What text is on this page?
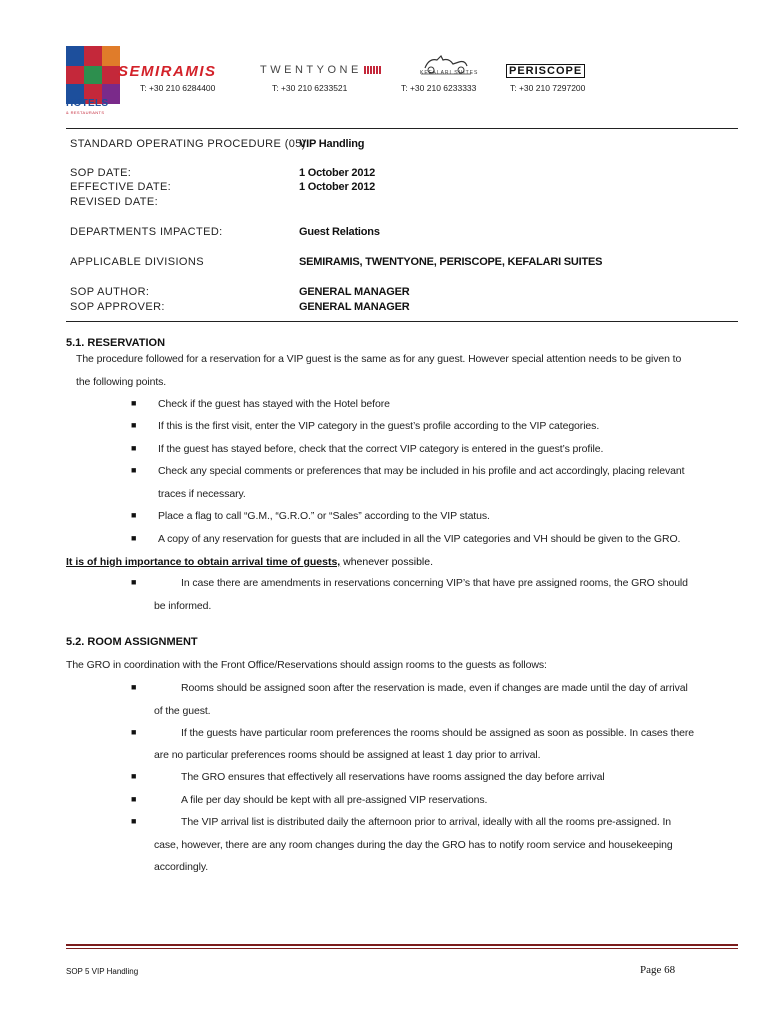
HOTELS
& RESTAURANTS
SEMIRAMIS	TWENTYONE	KEFALARI SUITES	PERISCOPE
T: +30 210 6284400	T: +30 210 6233521	T: +30 210 6233333	T: +30 210 7297200
STANDARD OPERATING PROCEDURE (05):
VIP Handling
SOP DATE:	1 October 2012
EFFECTIVE DATE:	1 October 2012
REVISED DATE:
DEPARTMENTS IMPACTED:	Guest Relations
APPLICABLE DIVISIONS	SEMIRAMIS, TWENTYONE, PERISCOPE, KEFALARI SUITES
SOP AUTHOR:	GENERAL MANAGER
SOP APPROVER:	GENERAL MANAGER
5.1. RESERVATION
The procedure followed for a reservation for a VIP guest is the same as for any guest. However special attention needs to be given to
the following points.
■ Check if the guest has stayed with the Hotel before
■ If this is the first visit, enter the VIP category in the guest’s profile according to the VIP categories.
■ If the guest has stayed before, check that the correct VIP category is entered in the guest’s profile.
■ Check any special comments or preferences that may be included in his profile and act accordingly, placing relevant
traces if necessary.
■ Place a flag to call “G.M., “G.R.O.” or “Sales” according to the VIP status.
■ A copy of any reservation for guests that are included in all the VIP categories and VH should be given to the GRO.
It is of high importance to obtain arrival time of guests, whenever possible.
■	In case there are amendments in reservations concerning VIP’s that have pre assigned rooms, the GRO should
be informed.
5.2. ROOM ASSIGNMENT
The GRO in coordination with the Front Office/Reservations should assign rooms to the guests as follows:
■	Rooms should be assigned soon after the reservation is made, even if changes are made until the day of arrival
of the guest.
■	If the guests have particular room preferences the rooms should be assigned as soon as possible. In cases there
are no particular preferences rooms should be assigned at least 1 day prior to arrival.
■	The GRO ensures that effectively all reservations have rooms assigned the day before arrival
■	A file per day should be kept with all pre-assigned VIP reservations.
■	The VIP arrival list is distributed daily the afternoon prior to arrival, ideally with all the rooms pre-assigned. In
case, however, there are any room changes during the day the GRO has to notify room service and housekeeping
accordingly.
SOP 5 VIP Handling	Page 68
